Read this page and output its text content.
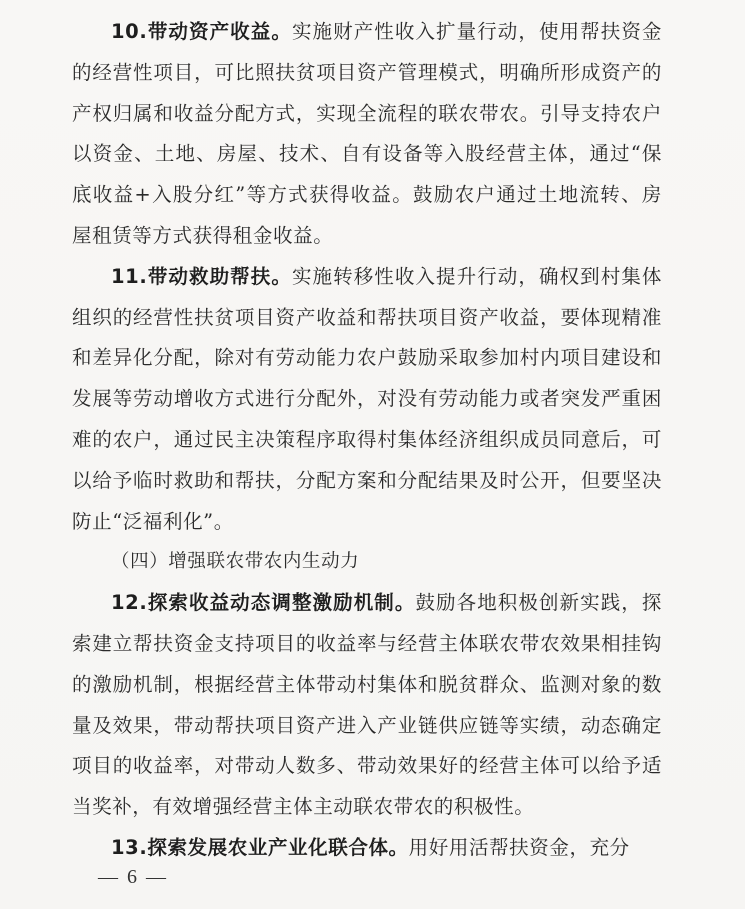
10.带动资产收益。实施财产性收入扩量行动，使用帮扶资金的经营性项目，可比照扶贫项目资产管理模式，明确所形成资产的产权归属和收益分配方式，实现全流程的联农带农。引导支持农户以资金、土地、房屋、技术、自有设备等入股经营主体，通过“保底收益+入股分红”等方式获得收益。鼓励农户通过土地流转、房屋租赁等方式获得租金收益。

11.带动救助帮扶。实施转移性收入提升行动，确权到村集体组织的经营性扶贫项目资产收益和帮扶项目资产收益，要体现精准和差异化分配，除对有劳动能力农户鼓励采取参加村内项目建设和发展等劳动增收方式进行分配外，对没有劳动能力或者突发严重困难的农户，通过民主决策程序取得村集体经济组织成员同意后，可以给予临时救助和帮扶，分配方案和分配结果及时公开，但要坚决防止“泛福利化”。

（四）增强联农带农内生动力

12.探索收益动态调整激励机制。鼓励各地积极创新实践，探索建立帮扶资金支持项目的收益率与经营主体联农带农效果相挂钩的激励机制，根据经营主体带动村集体和脱贫群众、监测对象的数量及效果，带动帮扶项目资产进入产业链供应链等实绩，动态确定项目的收益率，对带动人数多、带动效果好的经营主体可以给予适当奖补，有效增强经营主体主动联农带农的积极性。

13.探索发展农业产业化联合体。用好用活帮扶资金，充分

— 6 —
